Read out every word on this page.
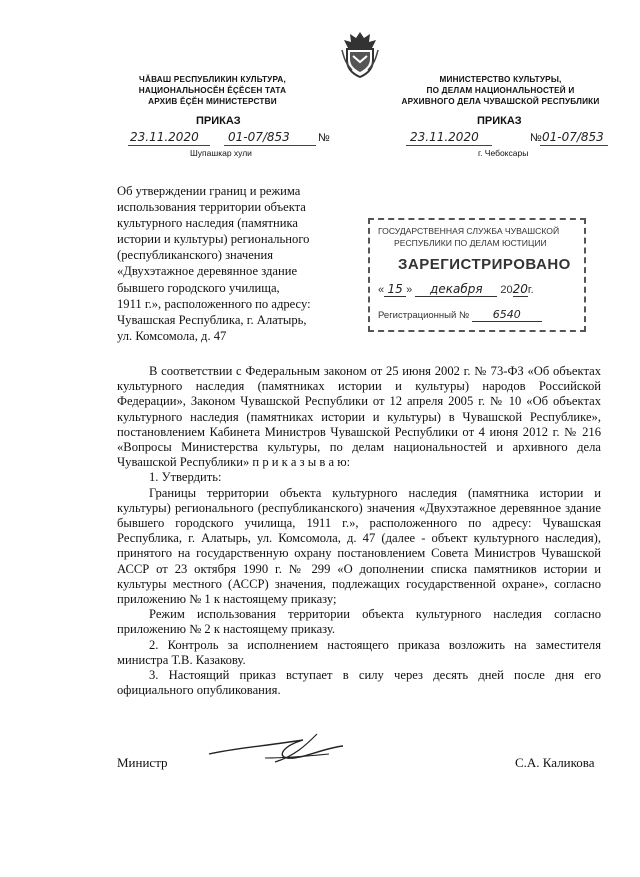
ЧĂВАШ РЕСПУБЛИКИН КУЛЬТУРА,
НАЦИОНАЛЬНОСĔН ĔÇĔСЕН ТАТА
АРХИВ ĔÇĔН МИНИСТЕРСТВИ
ПРИКАЗ
23.11.2020 01-07/853	№
Шупашкар хули
МИНИСТЕРСТВО КУЛЬТУРЫ,
ПО ДЕЛАМ НАЦИОНАЛЬНОСТЕЙ И
АРХИВНОГО ДЕЛА ЧУВАШСКОЙ РЕСПУБЛИКИ
ПРИКАЗ
23.11.2020	№ 01-07/853
г. Чебоксары
Об утверждении границ и режима
использования территории объекта
культурного наследия (памятника
истории и культуры) регионального
(республиканского) значения
«Двухэтажное деревянное здание
бывшего городского училища,
1911 г.», расположенного по адресу:
Чувашская Республика, г. Алатырь,
ул. Комсомола, д. 47
ГОСУДАРСТВЕННАЯ СЛУЖБА ЧУВАШСКОЙ
РЕСПУБЛИКИ ПО ДЕЛАМ ЮСТИЦИИ
ЗАРЕГИСТРИРОВАНО
« 15 » декабря 2020г.
Регистрационный № 6540

В соответствии с Федеральным законом от 25 июня 2002 г. № 73-ФЗ «Об объектах культурного наследия (памятниках истории и культуры) народов Российской Федерации», Законом Чувашской Республики от 12 апреля 2005 г. № 10 «Об объектах культурного наследия (памятниках истории и культуры) в Чувашской Республике», постановлением Кабинета Министров Чувашской Республики от 4 июня 2012 г. № 216 «Вопросы Министерства культуры, по делам национальностей и архивного дела Чувашской Республики» п р и к а з ы в а ю:

1. Утвердить:

Границы территории объекта культурного наследия (памятника истории и культуры) регионального (республиканского) значения «Двухэтажное деревянное здание бывшего городского училища, 1911 г.», расположенного по адресу: Чувашская Республика, г. Алатырь, ул. Комсомола, д. 47 (далее - объект культурного наследия), принятого на государственную охрану постановлением Совета Министров Чувашской АССР от 23 октября 1990 г. № 299 «О дополнении списка памятников истории и культуры местного (АССР) значения, подлежащих государственной охране», согласно приложению № 1 к настоящему приказу;

Режим использования территории объекта культурного наследия согласно приложению № 2 к настоящему приказу.

2. Контроль за исполнением настоящего приказа возложить на заместителя министра Т.В. Казакову.

3. Настоящий приказ вступает в силу через десять дней после дня его официального опубликования.

Министр	С.А. Каликова
